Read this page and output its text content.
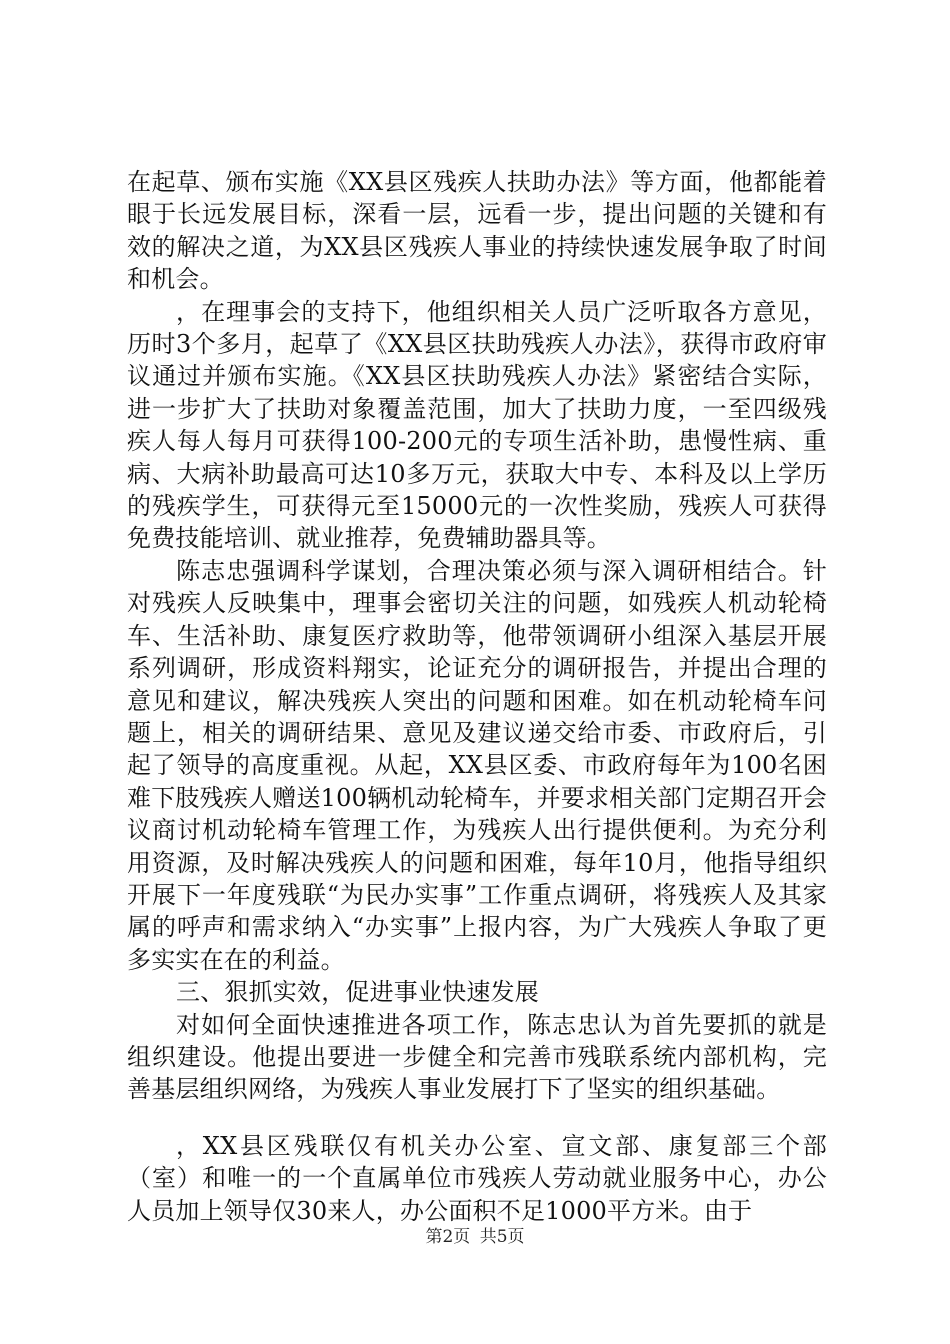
在起草、颁布实施《XX县区残疾人扶助办法》等方面，他都能着眼于长远发展目标，深看一层，远看一步，提出问题的关键和有效的解决之道，为XX县区残疾人事业的持续快速发展争取了时间和机会。

，在理事会的支持下，他组织相关人员广泛听取各方意见，历时3个多月，起草了《XX县区扶助残疾人办法》，获得市政府审议通过并颁布实施。《XX县区扶助残疾人办法》紧密结合实际，进一步扩大了扶助对象覆盖范围，加大了扶助力度，一至四级残疾人每人每月可获得100-200元的专项生活补助，患慢性病、重病、大病补助最高可达10多万元，获取大中专、本科及以上学历的残疾学生，可获得元至15000元的一次性奖励，残疾人可获得免费技能培训、就业推荐，免费辅助器具等。

陈志忠强调科学谋划，合理决策必须与深入调研相结合。针对残疾人反映集中，理事会密切关注的问题，如残疾人机动轮椅车、生活补助、康复医疗救助等，他带领调研小组深入基层开展系列调研，形成资料翔实，论证充分的调研报告，并提出合理的意见和建议，解决残疾人突出的问题和困难。如在机动轮椅车问题上，相关的调研结果、意见及建议递交给市委、市政府后，引起了领导的高度重视。从起，XX县区委、市政府每年为100名困难下肢残疾人赠送100辆机动轮椅车，并要求相关部门定期召开会议商讨机动轮椅车管理工作，为残疾人出行提供便利。为充分利用资源，及时解决残疾人的问题和困难，每年10月，他指导组织开展下一年度残联“为民办实事”工作重点调研，将残疾人及其家属的呼声和需求纳入“办实事”上报内容，为广大残疾人争取了更多实实在在的利益。

三、狠抓实效，促进事业快速发展

对如何全面快速推进各项工作，陈志忠认为首先要抓的就是组织建设。他提出要进一步健全和完善市残联系统内部机构，完善基层组织网络，为残疾人事业发展打下了坚实的组织基础。

，XX县区残联仅有机关办公室、宣文部、康复部三个部（室）和唯一的一个直属单位市残疾人劳动就业服务中心，办公人员加上领导仅30来人，办公面积不足1000平方米。由于

第2页 共5页
